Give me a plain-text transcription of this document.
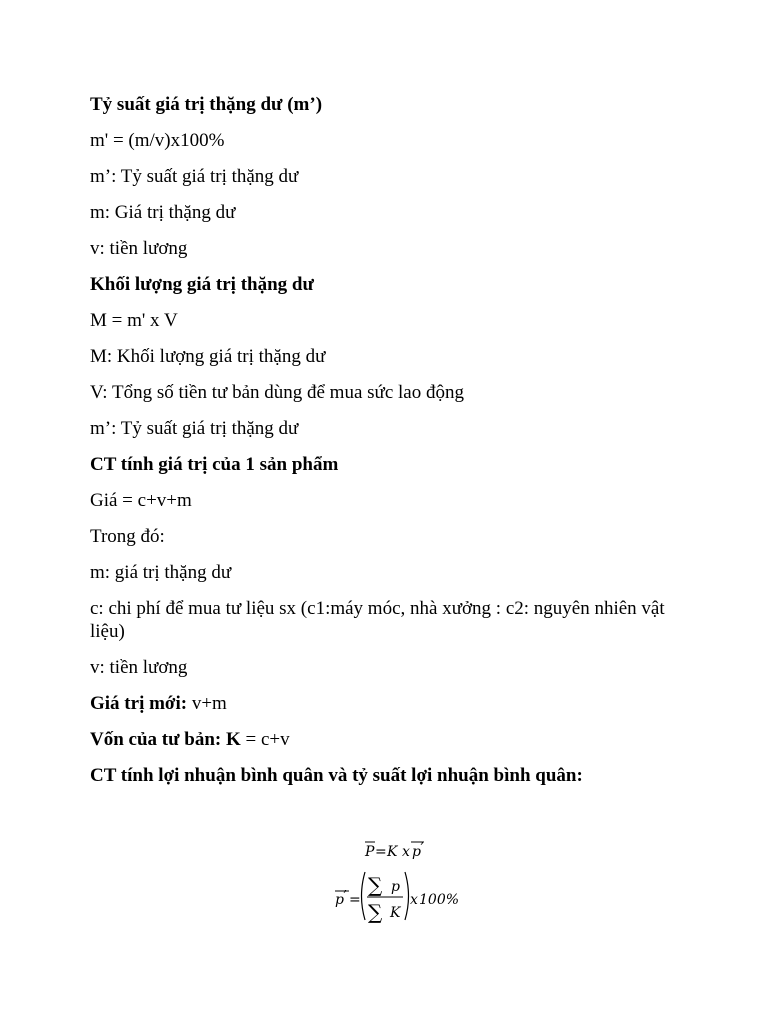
Tỷ suất giá trị thặng dư (m’)
m' = (m/v)x100%
m’: Tỷ suất giá trị thặng dư
m: Giá trị thặng dư
v: tiền lương
Khối lượng giá trị thặng dư
M = m' x V
M: Khối lượng giá trị thặng dư
V: Tổng số tiền tư bản dùng để mua sức lao động
m’: Tỷ suất giá trị thặng dư
CT tính giá trị của 1 sản phẩm
Giá = c+v+m
Trong đó:
m: giá trị thặng dư
c: chi phí để mua tư liệu sx (c1:máy móc, nhà xưởng : c2: nguyên nhiên vật liệu)
v: tiền lương
Giá trị mới: v+m
Vốn của tư bản: K = c+v
CT tính lợi nhuận bình quân và tỷ suất lợi nhuận bình quân:
P = K x p ’
p ’ =
∑ p
∑ K
x 100%
